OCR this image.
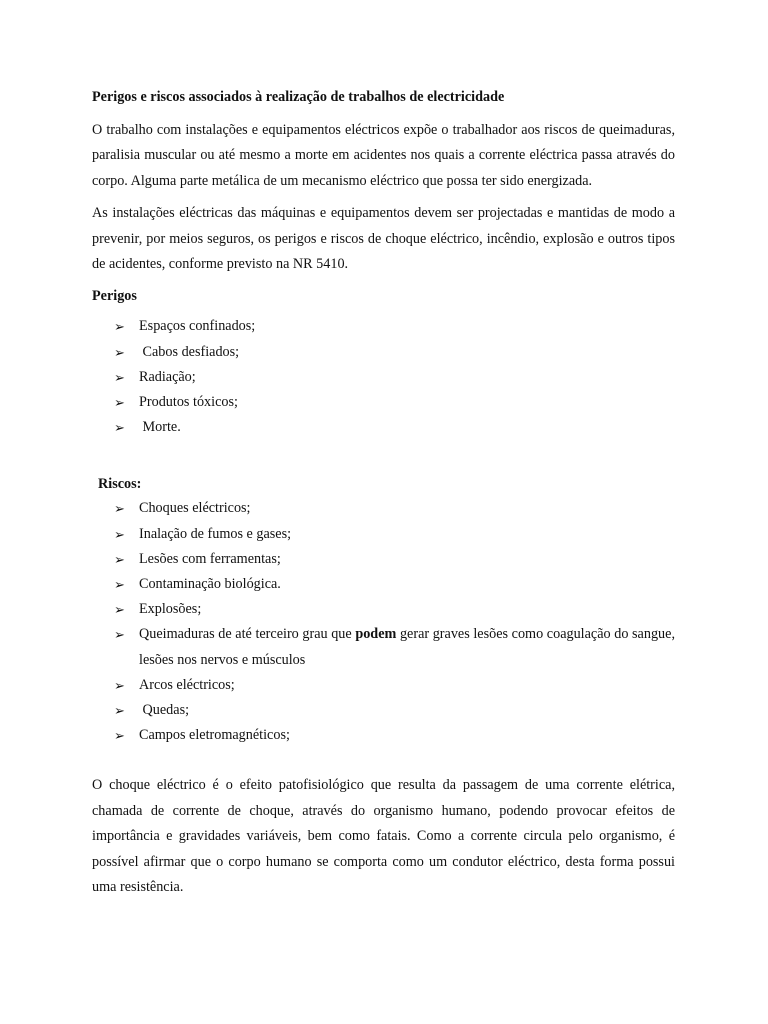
Perigos e riscos associados à realização de trabalhos de electricidade

O trabalho com instalações e equipamentos eléctricos expõe o trabalhador aos riscos de queimaduras, paralisia muscular ou até mesmo a morte em acidentes nos quais a corrente eléctrica passa através do corpo. Alguma parte metálica de um mecanismo eléctrico que possa ter sido energizada.

As instalações eléctricas das máquinas e equipamentos devem ser projectadas e mantidas de modo a prevenir, por meios seguros, os perigos e riscos de choque eléctrico, incêndio, explosão e outros tipos de acidentes, conforme previsto na NR 5410.

Perigos
➢ Espaços confinados;
➢ Cabos desfiados;
➢ Radiação;
➢ Produtos tóxicos;
➢ Morte.
Riscos:
➢ Choques eléctricos;
➢ Inalação de fumos e gases;
➢ Lesões com ferramentas;
➢ Contaminação biológica.
➢ Explosões;
➢ Queimaduras de até terceiro grau que podem gerar graves lesões como coagulação do sangue, lesões nos nervos e músculos
➢ Arcos eléctricos;
➢ Quedas;
➢ Campos eletromagnéticos;

O choque eléctrico é o efeito patofisiológico que resulta da passagem de uma corrente elétrica, chamada de corrente de choque, através do organismo humano, podendo provocar efeitos de importância e gravidades variáveis, bem como fatais. Como a corrente circula pelo organismo, é possível afirmar que o corpo humano se comporta como um condutor eléctrico, desta forma possui uma resistência.
